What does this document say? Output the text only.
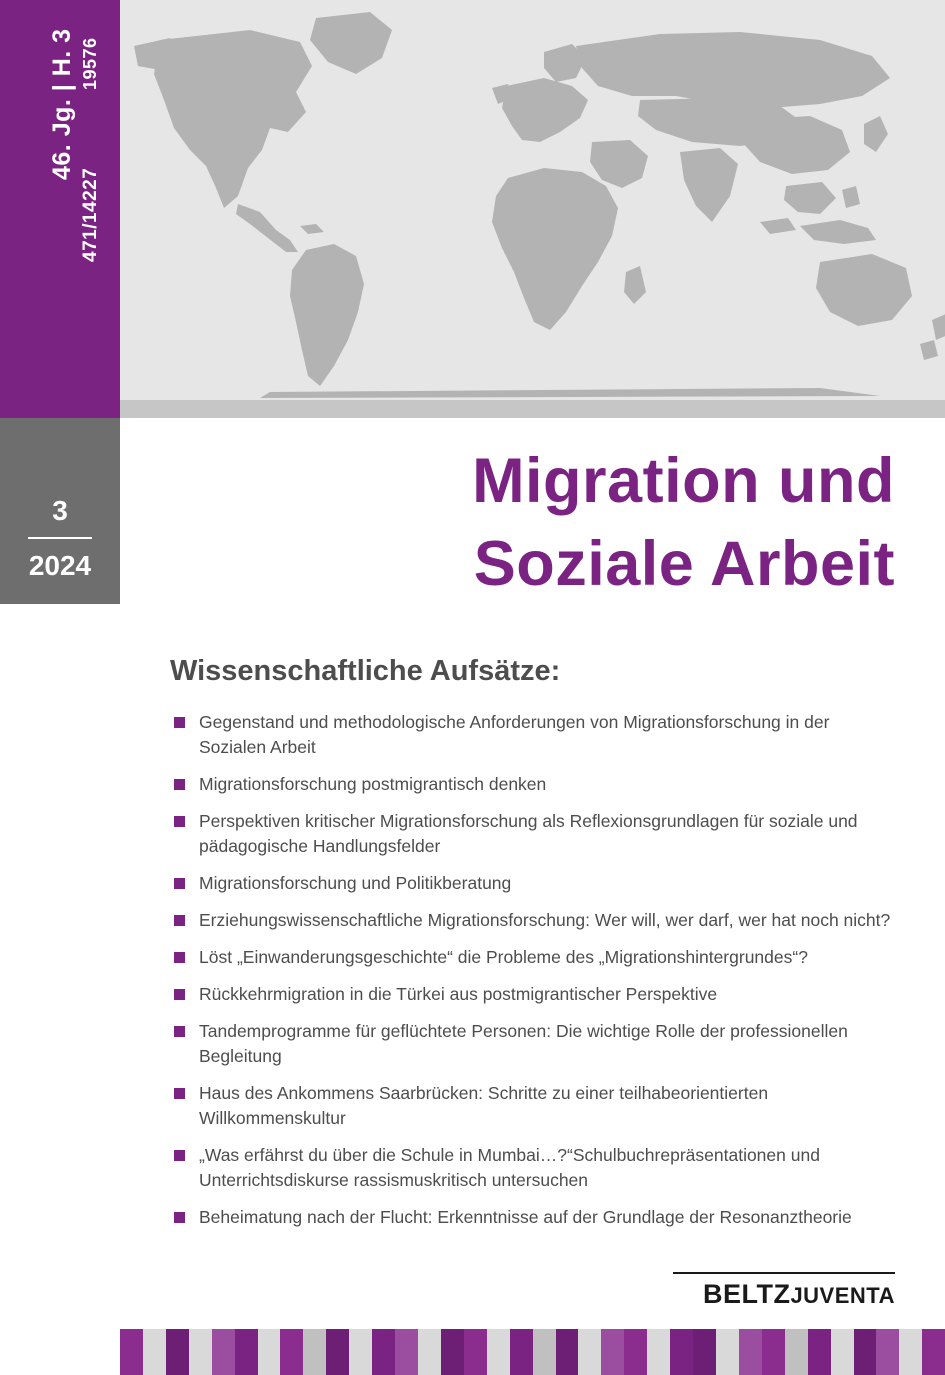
46. Jg. | H. 3 19576
471/14227
3
2024
Migration und
Soziale Arbeit
Wissenschaftliche Aufsätze:
Gegenstand und methodologische Anforderungen von Migrationsforschung in der Sozialen Arbeit
Migrationsforschung postmigrantisch denken
Perspektiven kritischer Migrationsforschung als Reflexionsgrundlagen für soziale und pädagogische Handlungsfelder
Migrationsforschung und Politikberatung
Erziehungswissenschaftliche Migrationsforschung: Wer will, wer darf, wer hat noch nicht?
Löst „Einwanderungsgeschichte“ die Probleme des „Migrationshintergrundes“?
Rückkehrmigration in die Türkei aus postmigrantischer Perspektive
Tandemprogramme für geflüchtete Personen: Die wichtige Rolle der professionellen Begleitung
Haus des Ankommens Saarbrücken: Schritte zu einer teilhabeorientierten Willkommenskultur
„Was erfährst du über die Schule in Mumbai…?“Schulbuchrepräsentationen und Unterrichtsdiskurse rassismuskritisch untersuchen
Beheimatung nach der Flucht: Erkenntnisse auf der Grundlage der Resonanztheorie
BELTZJUVENTA
